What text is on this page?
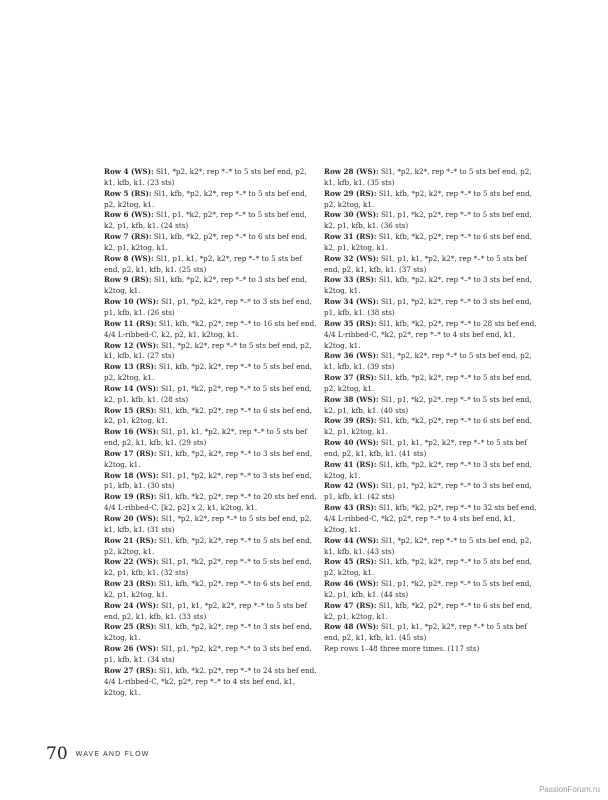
Row 4 (WS): Sl1, *p2, k2*, rep *–* to 5 sts bef end, p2, k1, kfb, k1. (23 sts)

Row 5 (RS): Sl1, kfb, *p2, k2*, rep *–* to 5 sts bef end, p2, k2tog, k1.

Row 6 (WS): Sl1, p1, *k2, p2*, rep *–* to 5 sts bef end, k2, p1, kfb, k1. (24 sts)

Row 7 (RS): Sl1, kfb, *k2, p2*, rep *–* to 6 sts bef end, k2, p1, k2tog, k1.

Row 8 (WS): Sl1, p1, k1, *p2, k2*, rep *–* to 5 sts bef end, p2, k1, kfb, k1. (25 sts)

Row 9 (RS): Sl1, kfb, *p2, k2*, rep *–* to 3 sts bef end, k2tog, k1.

Row 10 (WS): Sl1, p1, *p2, k2*, rep *–* to 3 sts bef end, p1, kfb, k1. (26 sts)

Row 11 (RS): Sl1, kfb, *k2, p2*, rep *–* to 16 sts bef end, 4/4 L-ribbed-C, k2, p2, k1, k2tog, k1.

Row 12 (WS): Sl1, *p2, k2*, rep *–* to 5 sts bef end, p2, k1, kfb, k1. (27 sts)

Row 13 (RS): Sl1, kfb, *p2, k2*, rep *–* to 5 sts bef end, p2, k2tog, k1.

Row 14 (WS): Sl1, p1, *k2, p2*, rep *–* to 5 sts bef end, k2, p1, kfb, k1. (28 sts)

Row 15 (RS): Sl1, kfb, *k2, p2*, rep *–* to 6 sts bef end, k2, p1, k2tog, k1.

Row 16 (WS): Sl1, p1, k1, *p2, k2*, rep *–* to 5 sts bef end, p2, k1, kfb, k1. (29 sts)

Row 17 (RS): Sl1, kfb, *p2, k2*, rep *–* to 3 sts bef end, k2tog, k1.

Row 18 (WS): Sl1, p1, *p2, k2*, rep *–* to 3 sts bef end, p1, kfb, k1. (30 sts)

Row 19 (RS): Sl1, kfb, *k2, p2*, rep *–* to 20 sts bef end, 4/4 L-ribbed-C, [k2, p2] x 2, k1, k2tog, k1.

Row 20 (WS): Sl1, *p2, k2*, rep *–* to 5 sts bef end, p2, k1, kfb, k1. (31 sts)

Row 21 (RS): Sl1, kfb, *p2, k2*, rep *–* to 5 sts bef end, p2, k2tog, k1.

Row 22 (WS): Sl1, p1, *k2, p2*, rep *–* to 5 sts bef end, k2, p1, kfb, k1. (32 sts)

Row 23 (RS): Sl1, kfb, *k2, p2*, rep *–* to 6 sts bef end, k2, p1, k2tog, k1.

Row 24 (WS): Sl1, p1, k1, *p2, k2*, rep *–* to 5 sts bef end, p2, k1, kfb, k1. (33 sts)

Row 25 (RS): Sl1, kfb, *p2, k2*, rep *–* to 3 sts bef end, k2tog, k1.

Row 26 (WS): Sl1, p1, *p2, k2*, rep *–* to 3 sts bef end, p1, kfb, k1. (34 sts)

Row 27 (RS): Sl1, kfb, *k2, p2*, rep *–* to 24 sts bef end, 4/4 L-ribbed-C, *k2, p2*, rep *–* to 4 sts bef end, k1, k2tog, k1.

Row 28 (WS): Sl1, *p2, k2*, rep *–* to 5 sts bef end, p2, k1, kfb, k1. (35 sts)

Row 29 (RS): Sl1, kfb, *p2, k2*, rep *–* to 5 sts bef end, p2, k2tog, k1.

Row 30 (WS): Sl1, p1, *k2, p2*, rep *–* to 5 sts bef end, k2, p1, kfb, k1. (36 sts)

Row 31 (RS): Sl1, kfb, *k2, p2*, rep *–* to 6 sts bef end, k2, p1, k2tog, k1.

Row 32 (WS): Sl1, p1, k1, *p2, k2*, rep *–* to 5 sts bef end, p2, k1, kfb, k1. (37 sts)

Row 33 (RS): Sl1, kfb, *p2, k2*, rep *–* to 3 sts bef end, k2tog, k1.

Row 34 (WS): Sl1, p1, *p2, k2*, rep *–* to 3 sts bef end, p1, kfb, k1. (38 sts)

Row 35 (RS): Sl1, kfb, *k2, p2*, rep *–* to 28 sts bef end, 4/4 L-ribbed-C, *k2, p2*, rep *–* to 4 sts bef end, k1, k2tog, k1.

Row 36 (WS): Sl1, *p2, k2*, rep *–* to 5 sts bef end, p2, k1, kfb, k1. (39 sts)

Row 37 (RS): Sl1, kfb, *p2, k2*, rep *–* to 5 sts bef end, p2, k2tog, k1.

Row 38 (WS): Sl1, p1, *k2, p2*, rep *–* to 5 sts bef end, k2, p1, kfb, k1. (40 sts)

Row 39 (RS): Sl1, kfb, *k2, p2*, rep *–* to 6 sts bef end, k2, p1, k2tog, k1.

Row 40 (WS): Sl1, p1, k1, *p2, k2*, rep *–* to 5 sts bef end, p2, k1, kfb, k1. (41 sts)

Row 41 (RS): Sl1, kfb, *p2, k2*, rep *–* to 3 sts bef end, k2tog, k1.

Row 42 (WS): Sl1, p1, *p2, k2*, rep *–* to 3 sts bef end, p1, kfb, k1. (42 sts)

Row 43 (RS): Sl1, kfb, *k2, p2*, rep *–* to 32 sts bef end, 4/4 L-ribbed-C, *k2, p2*, rep *–* to 4 sts bef end, k1, k2tog, k1.

Row 44 (WS): Sl1, *p2, k2*, rep *–* to 5 sts bef end, p2, k1, kfb, k1. (43 sts)

Row 45 (RS): Sl1, kfb, *p2, k2*, rep *–* to 5 sts bef end, p2, k2tog, k1.

Row 46 (WS): Sl1, p1, *k2, p2*, rep *–* to 5 sts bef end, k2, p1, kfb, k1. (44 sts)

Row 47 (RS): Sl1, kfb, *k2, p2*, rep *–* to 6 sts bef end, k2, p1, k2tog, k1.

Row 48 (WS): Sl1, p1, k1, *p2, k2*, rep *–* to 5 sts bef end, p2, k1, kfb, k1. (45 sts)

Rep rows 1–48 three more times. (117 sts)

70 WAVE AND FLOW
PassionForum.ru
